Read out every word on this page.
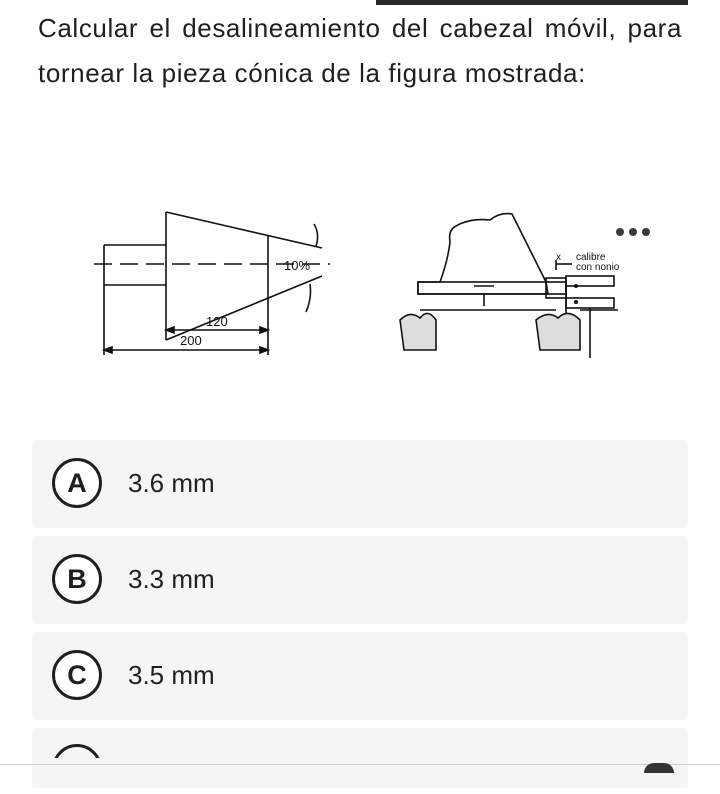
Calcular el desalineamiento del cabezal móvil, para tornear la pieza cónica de la figura mostrada:

10%
120
200
x calibre
con nonio
A	3.6 mm
B	3.3 mm
C	3.5 mm
